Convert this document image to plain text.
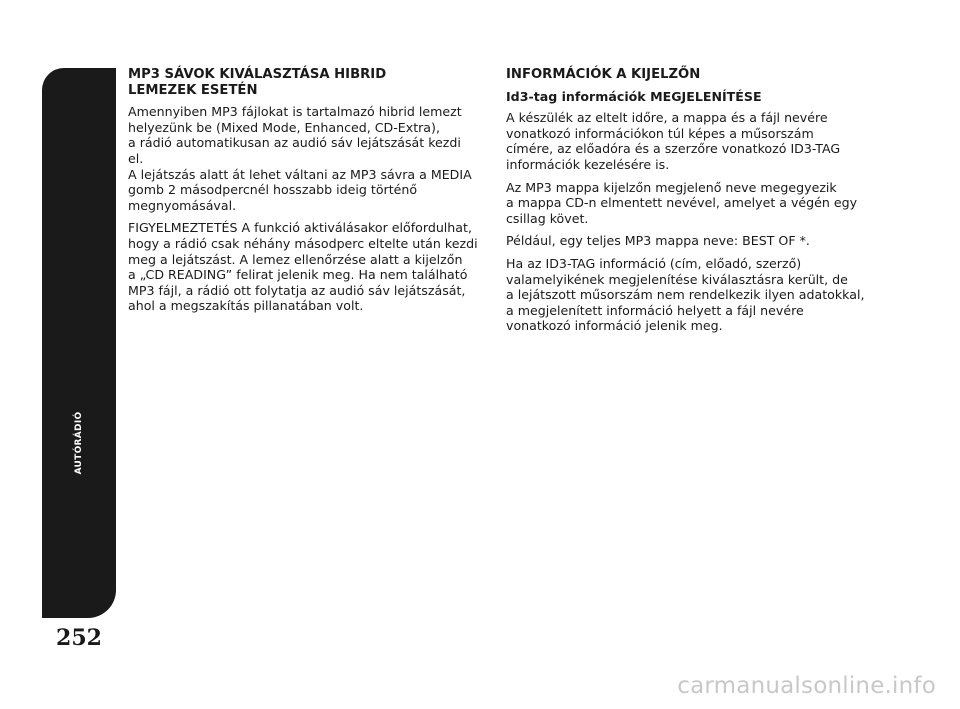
AUTÓRÁDIÓ
252
MP3 SÁVOK KIVÁLASZTÁSA HIBRID
LEMEZEK ESETÉN

Amennyiben MP3 fájlokat is tartalmazó hibrid lemezt
helyezünk be (Mixed Mode, Enhanced, CD-Extra),
a rádió automatikusan az audió sáv lejátszását kezdi el.
A lejátszás alatt át lehet váltani az MP3 sávra a MEDIA
gomb 2 másodpercnél hosszabb ideig történő
megnyomásával.

FIGYELMEZTETÉS A funkció aktiválásakor előfordulhat,
hogy a rádió csak néhány másodperc eltelte után kezdi
meg a lejátszást. A lemez ellenőrzése alatt a kijelzőn
a „CD READING” felirat jelenik meg. Ha nem található
MP3 fájl, a rádió ott folytatja az audió sáv lejátszását,
ahol a megszakítás pillanatában volt.

INFORMÁCIÓK A KIJELZŐN

Id3-tag információk MEGJELENÍTÉSE

A készülék az eltelt időre, a mappa és a fájl nevére
vonatkozó információkon túl képes a műsorszám
címére, az előadóra és a szerzőre vonatkozó ID3-TAG
információk kezelésére is.

Az MP3 mappa kijelzőn megjelenő neve megegyezik
a mappa CD-n elmentett nevével, amelyet a végén egy
csillag követ.

Például, egy teljes MP3 mappa neve: BEST OF *.

Ha az ID3-TAG információ (cím, előadó, szerző)
valamelyikének megjelenítése kiválasztásra került, de
a lejátszott műsorszám nem rendelkezik ilyen adatokkal,
a megjelenített információ helyett a fájl nevére
vonatkozó információ jelenik meg.

carmanualsonline.info
